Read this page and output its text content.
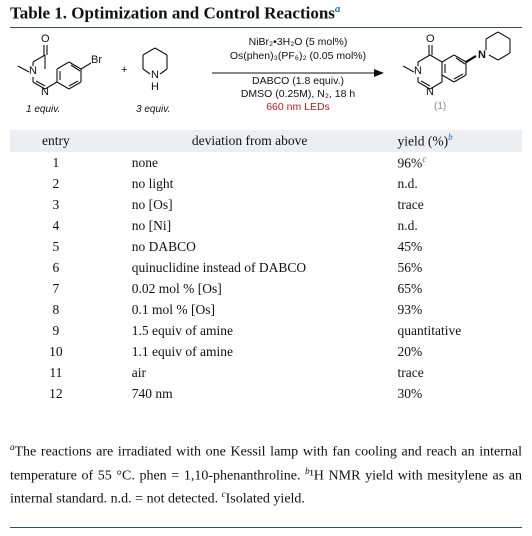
Table 1. Optimization and Control Reactions$^a$
O
N
N
Br
1 equiv.
+ N
H
3 equiv.
NiBr₂•3H₂O (5 mol%)
Os(phen)₃(PF₆)₂ (0.05 mol%)
DABCO (1.8 equiv.)
DMSO (0.25M), N₂, 18 h
660 nm LEDs
O
N
N
N
(1)
entry	deviation from above	yield (%)$^b$
1	none	96%$^c$
2	no light	n.d.
3	no [Os]	trace
4	no [Ni]	n.d.
5	no DABCO	45%
6	quinuclidine instead of DABCO	56%
7	0.02 mol % [Os]	65%
8	0.1 mol % [Os]	93%
9	1.5 equiv of amine	quantitative
10	1.1 equiv of amine	20%
11	air	trace
12	740 nm	30%
$^a$The reactions are irradiated with one Kessil lamp with fan cooling and reach an internal temperature of 55 °C. phen = 1,10-phenanthroline. $^b$¹H NMR yield with mesitylene as an internal standard. n.d. = not detected. $^c$Isolated yield.
